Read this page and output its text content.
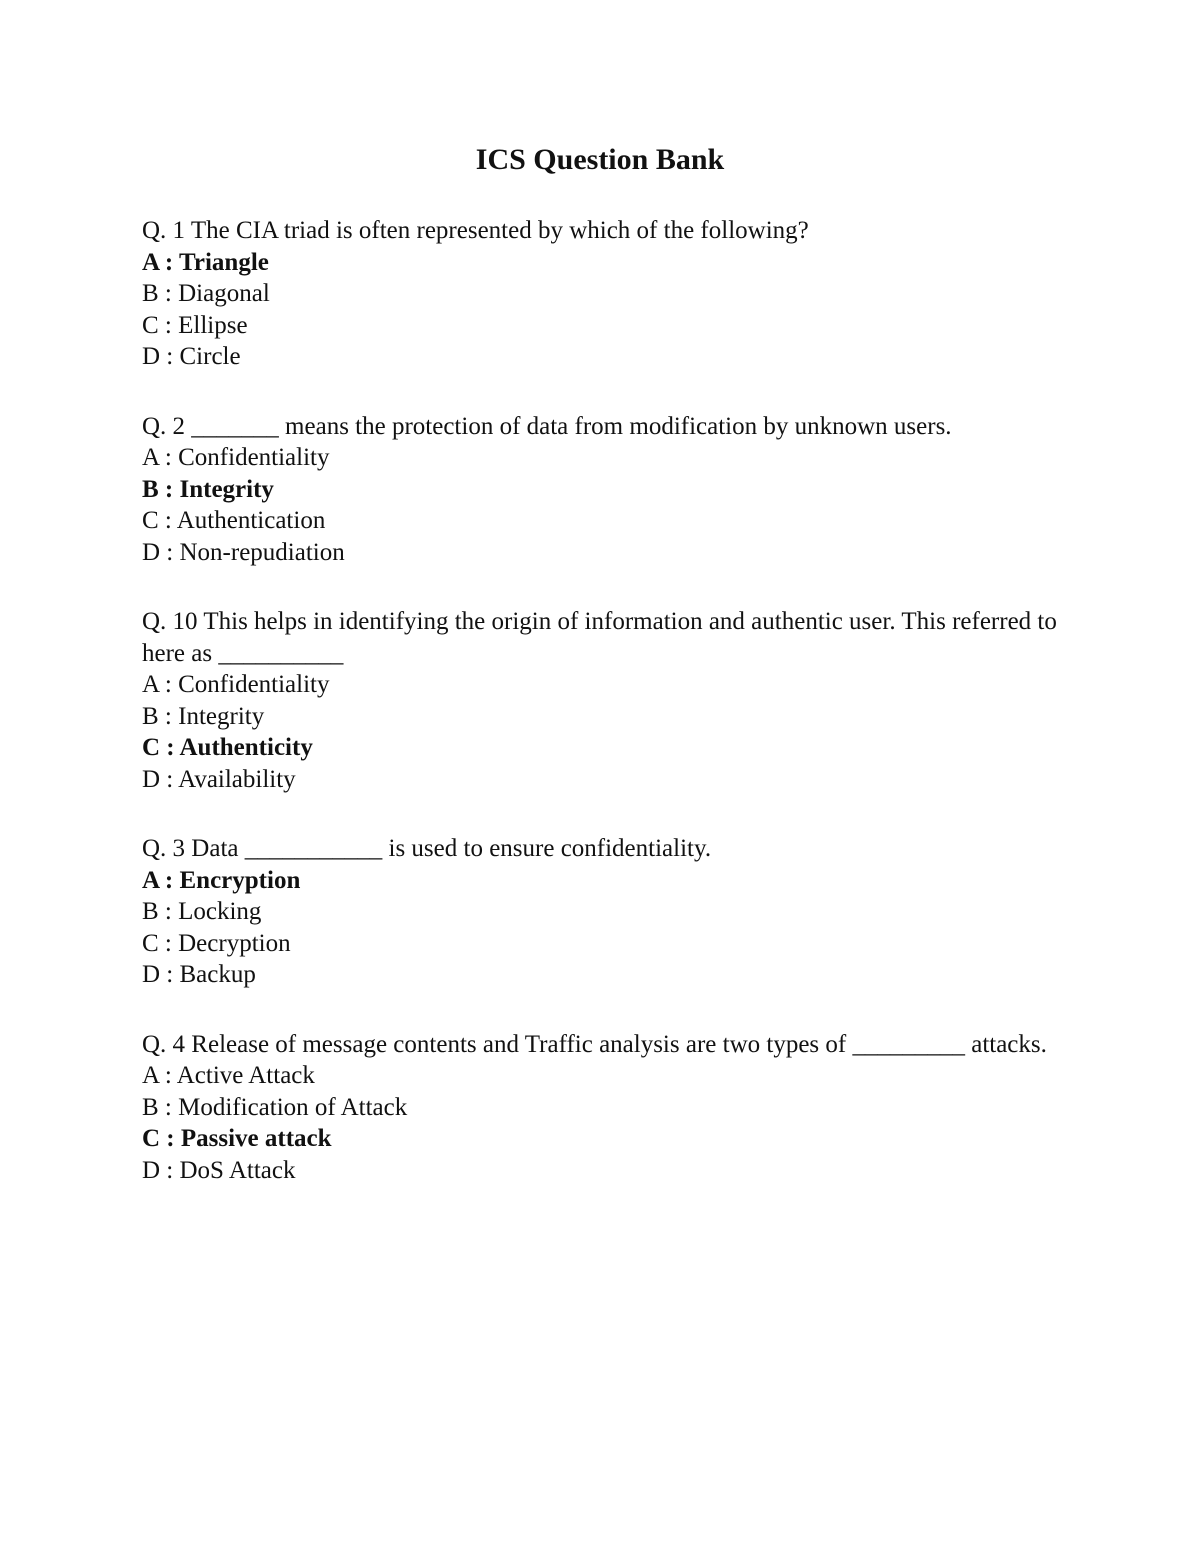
ICS Question Bank

Q. 1 The CIA triad is often represented by which of the following?

A : Triangle

B : Diagonal

C : Ellipse

D : Circle

Q. 2 _______ means the protection of data from modification by unknown users.

A : Confidentiality

B : Integrity

C : Authentication

D : Non-repudiation

Q. 10 This helps in identifying the origin of information and authentic user. This referred to here as __________

A : Confidentiality

B : Integrity

C : Authenticity

D : Availability

Q. 3 Data ___________ is used to ensure confidentiality.

A : Encryption

B : Locking

C : Decryption

D : Backup

Q. 4 Release of message contents and Traffic analysis are two types of _________ attacks.

A : Active Attack

B : Modification of Attack

C : Passive attack

D : DoS Attack
